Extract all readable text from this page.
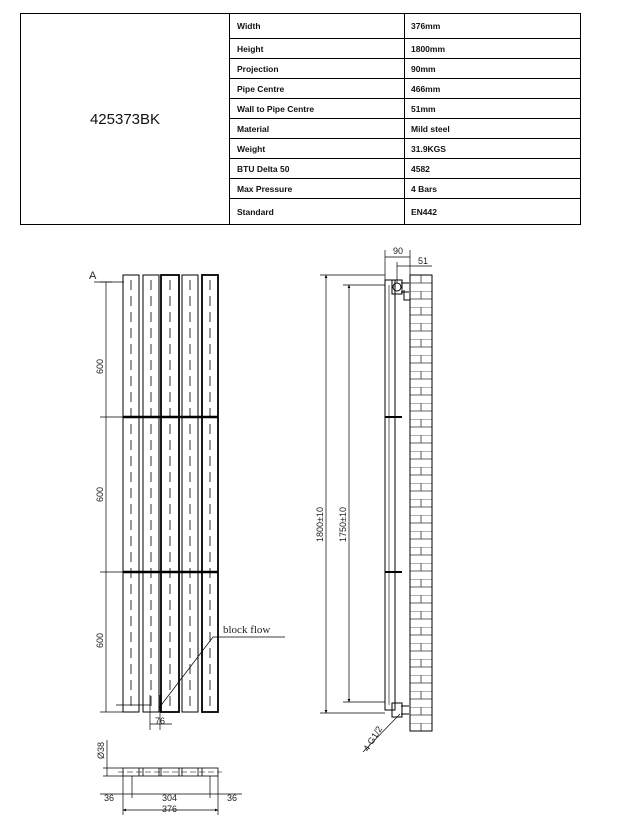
425373BK
Width	376mm
Height	1800mm
Projection	90mm
Pipe Centre	466mm
Wall to Pipe Centre	51mm
Material	Mild steel
Weight	31.9KGS
BTU Delta 50	4582
Max Pressure	4 Bars
Standard	EN442
A
600
600
600
76
block flow
90
51
1800±10 1750±10
4-G1/2
Ø38
36	304	36
376
